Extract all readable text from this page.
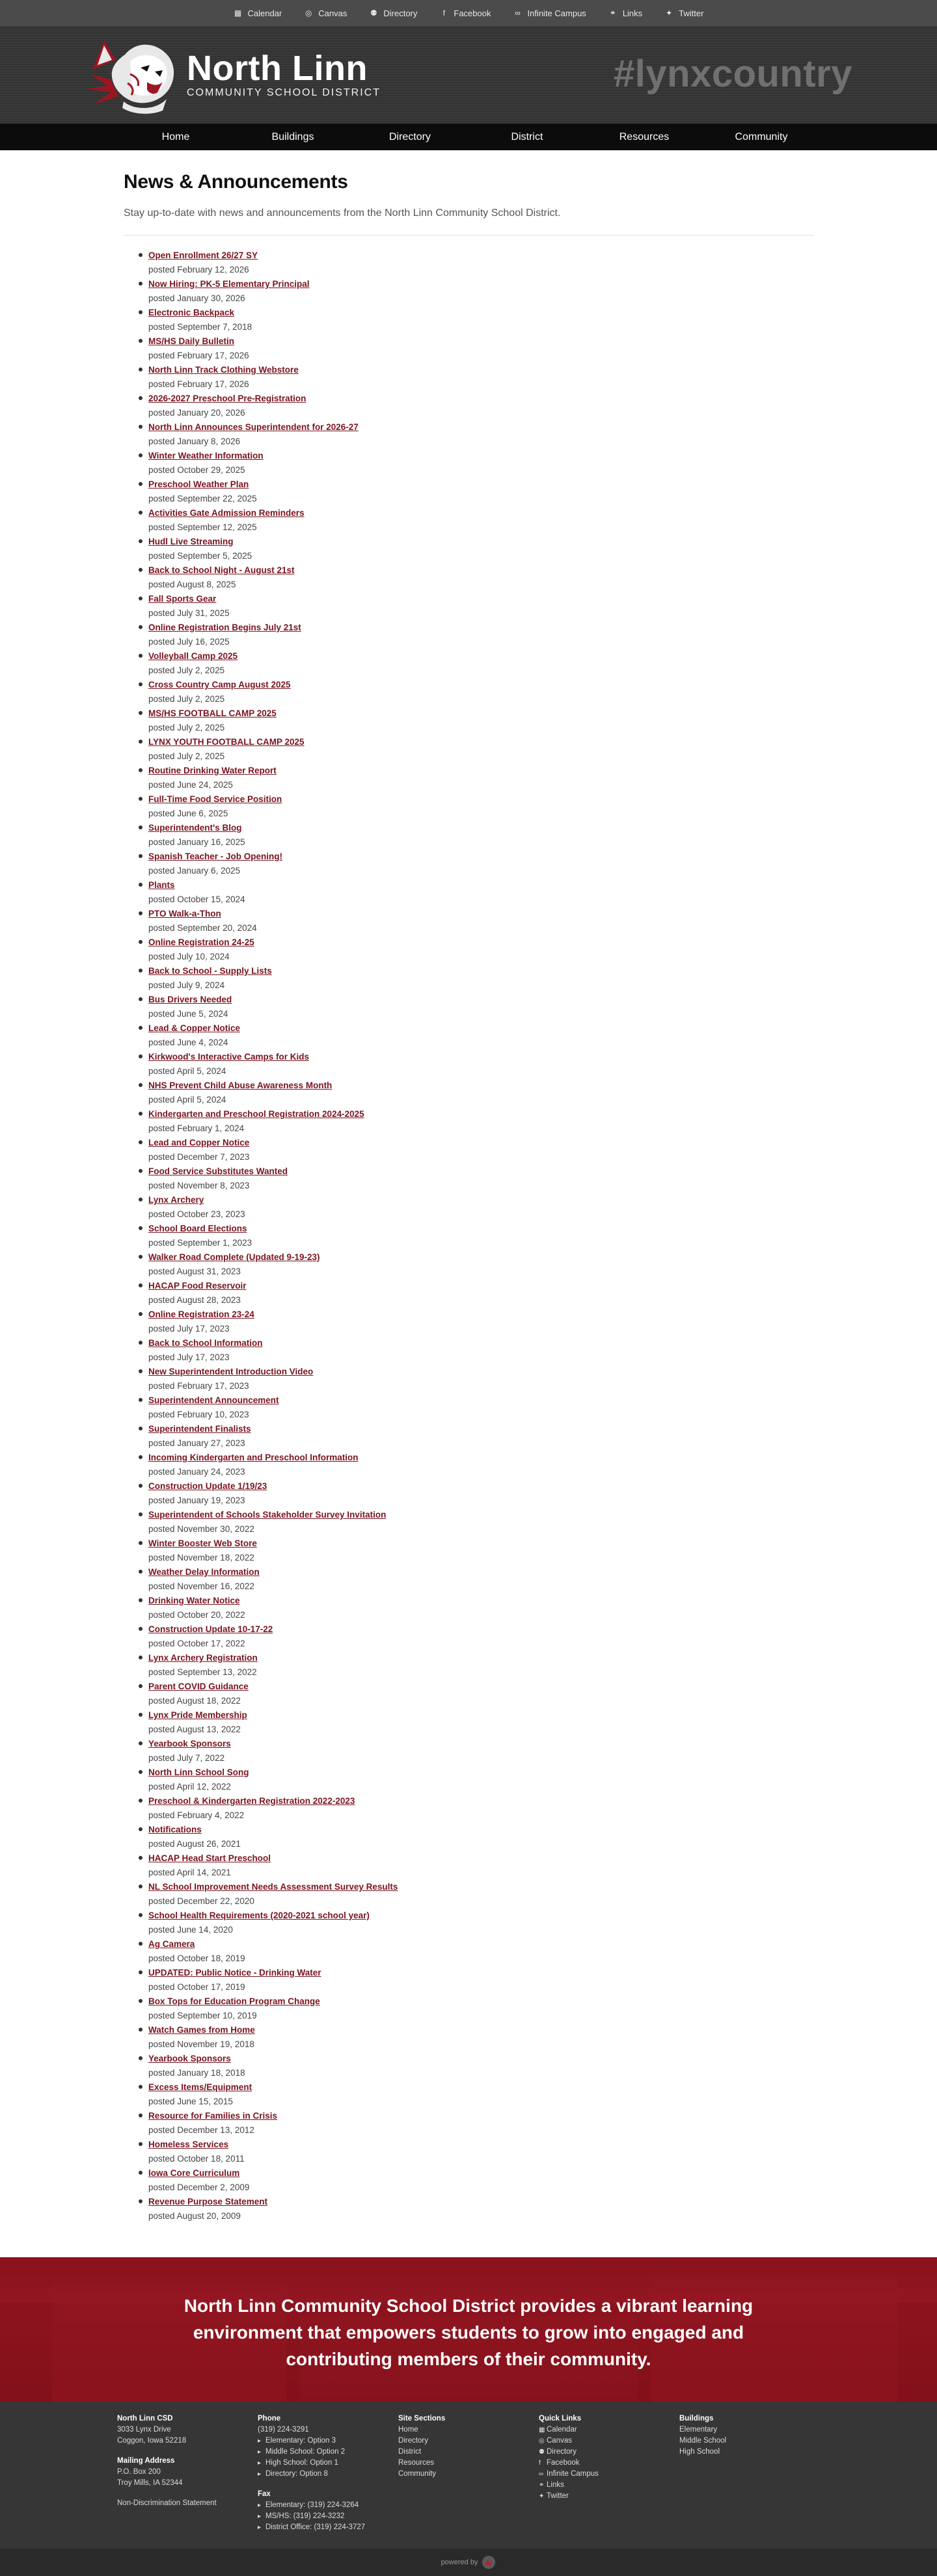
▦ Calendar	◎ Canvas	⚉ Directory	f	Facebook	∞ Infinite Campus	⚭ Links	✦ Twitter
North Linn
COMMUNITY SCHOOL DISTRICT	#lynxcountry
Home	Buildings	Directory	District	Resources	Community
News & Announcements

Stay up-to-date with news and announcements from the North Linn Community School District.

Open Enrollment 26/27 SY
posted February 12, 2026
Now Hiring: PK-5 Elementary Principal
posted January 30, 2026
Electronic Backpack
posted September 7, 2018
MS/HS Daily Bulletin
posted February 17, 2026
North Linn Track Clothing Webstore
posted February 17, 2026
2026-2027 Preschool Pre-Registration
posted January 20, 2026
North Linn Announces Superintendent for 2026-27
posted January 8, 2026
Winter Weather Information
posted October 29, 2025
Preschool Weather Plan
posted September 22, 2025
Activities Gate Admission Reminders
posted September 12, 2025
Hudl Live Streaming
posted September 5, 2025
Back to School Night - August 21st
posted August 8, 2025
Fall Sports Gear
posted July 31, 2025
Online Registration Begins July 21st
posted July 16, 2025
Volleyball Camp 2025
posted July 2, 2025
Cross Country Camp August 2025
posted July 2, 2025
MS/HS FOOTBALL CAMP 2025
posted July 2, 2025
LYNX YOUTH FOOTBALL CAMP 2025
posted July 2, 2025
Routine Drinking Water Report
posted June 24, 2025
Full-Time Food Service Position
posted June 6, 2025
Superintendent's Blog
posted January 16, 2025
Spanish Teacher - Job Opening!
posted January 6, 2025
Plants
posted October 15, 2024
PTO Walk-a-Thon
posted September 20, 2024
Online Registration 24-25
posted July 10, 2024
Back to School - Supply Lists
posted July 9, 2024
Bus Drivers Needed
posted June 5, 2024
Lead & Copper Notice
posted June 4, 2024
Kirkwood's Interactive Camps for Kids
posted April 5, 2024
NHS Prevent Child Abuse Awareness Month
posted April 5, 2024
Kindergarten and Preschool Registration 2024-2025
posted February 1, 2024
Lead and Copper Notice
posted December 7, 2023
Food Service Substitutes Wanted
posted November 8, 2023
Lynx Archery
posted October 23, 2023
School Board Elections
posted September 1, 2023
Walker Road Complete (Updated 9-19-23)
posted August 31, 2023
HACAP Food Reservoir
posted August 28, 2023
Online Registration 23-24
posted July 17, 2023
Back to School Information
posted July 17, 2023
New Superintendent Introduction Video
posted February 17, 2023
Superintendent Announcement
posted February 10, 2023
Superintendent Finalists
posted January 27, 2023
Incoming Kindergarten and Preschool Information
posted January 24, 2023
Construction Update 1/19/23
posted January 19, 2023
Superintendent of Schools Stakeholder Survey Invitation
posted November 30, 2022
Winter Booster Web Store
posted November 18, 2022
Weather Delay Information
posted November 16, 2022
Drinking Water Notice
posted October 20, 2022
Construction Update 10-17-22
posted October 17, 2022
Lynx Archery Registration
posted September 13, 2022
Parent COVID Guidance
posted August 18, 2022
Lynx Pride Membership
posted August 13, 2022
Yearbook Sponsors
posted July 7, 2022
North Linn School Song
posted April 12, 2022
Preschool & Kindergarten Registration 2022-2023
posted February 4, 2022
Notifications
posted August 26, 2021
HACAP Head Start Preschool
posted April 14, 2021
NL School Improvement Needs Assessment Survey Results
posted December 22, 2020
School Health Requirements (2020-2021 school year)
posted June 14, 2020
Ag Camera
posted October 18, 2019
UPDATED: Public Notice - Drinking Water
posted October 17, 2019
Box Tops for Education Program Change
posted September 10, 2019
Watch Games from Home
posted November 19, 2018
Yearbook Sponsors
posted January 18, 2018
Excess Items/Equipment
posted June 15, 2015
Resource for Families in Crisis
posted December 13, 2012
Homeless Services
posted October 18, 2011
Iowa Core Curriculum
posted December 2, 2009
Revenue Purpose Statement
posted August 20, 2009
North Linn Community School District provides a vibrant learning environment that empowers students to grow into engaged and contributing members of their community.
North Linn CSD
3033 Lynx Drive
Coggon, Iowa 52218
Mailing Address
P.O. Box 200
Troy Mills, IA 52344
Non-Discrimination Statement
Phone
(319) 224-3291
▸ Elementary: Option 3
▸ Middle School: Option 2
▸ High School: Option 1
▸ Directory: Option 8
Fax
▸ Elementary: (319) 224-3264
▸ MS/HS: (319) 224-3232
▸ District Office: (319) 224-3727
Site Sections
Home
Directory
District
Resources
Community
Quick Links
▦ Calendar
◎ Canvas
⚉ Directory
f Facebook
∞ Infinite Campus
⚭ Links
✦ Twitter
Buildings
Elementary
Middle School
High School
powered by
